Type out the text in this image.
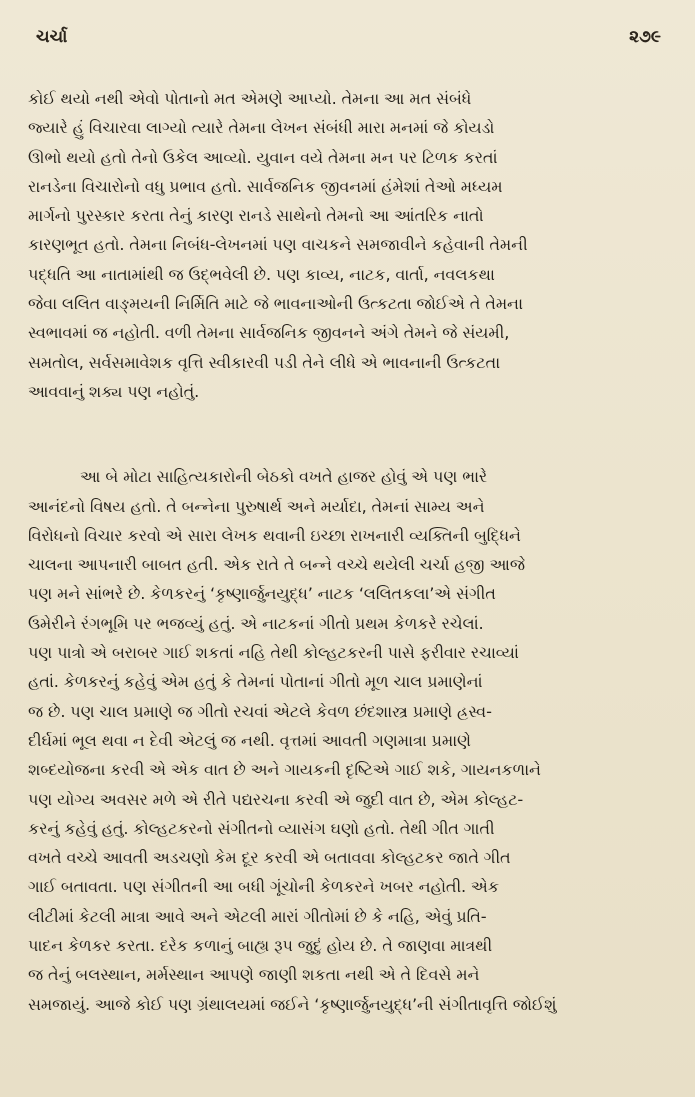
ચર્ચા	૨૭૯

કોઈ થયો નથી એવો પોતાનો મત એમણે આપ્યો. તેમના આ મત સંબંધે
જ્યારે હું વિચારવા લાગ્યો ત્યારે તેમના લેખન સંબંધી મારા મનમાં જે કોયડો
ઊભો થયો હતો તેનો ઉકેલ આવ્યો. યુવાન વયે તેમના મન પર ટિળક કરતાં
રાનડેના વિચારોનો વધુ પ્રભાવ હતો. સાર્વજનિક જીવનમાં હંમેશાં તેઓ મધ્યમ
માર્ગનો પુરસ્કાર કરતા તેનું કારણ રાનડે સાથેનો તેમનો આ આંતરિક નાતો
કારણભૂત હતો. તેમના નિબંધ-લેખનમાં પણ વાચકને સમજાવીને કહેવાની તેમની
પદ્ધતિ આ નાતામાંથી જ ઉદ્ભવેલી છે. પણ કાવ્ય, નાટક, વાર્તા, નવલકથા
જેવા લલિત વાઙ્મયની નિર્મિતિ માટે જે ભાવનાઓની ઉત્કટતા જોઈએ તે તેમના
સ્વભાવમાં જ નહોતી. વળી તેમના સાર્વજનિક જીવનને અંગે તેમને જે સંયમી,
સમતોલ, સર્વસમાવેશક વૃત્તિ સ્વીકારવી પડી તેને લીધે એ ભાવનાની ઉત્કટતા
આવવાનું શક્ય પણ નહોતું.

આ બે મોટા સાહિત્યકારોની બેઠકો વખતે હાજર હોવું એ પણ ભારે
આનંદનો વિષય હતો. તે બન્નેના પુરુષાર્થ અને મર્યાદા, તેમનાં સામ્ય અને
વિરોધનો વિચાર કરવો એ સારા લેખક થવાની ઇચ્છા રાખનારી વ્યક્તિની બુદ્ધિને
ચાલના આપનારી બાબત હતી. એક રાતે તે બન્ને વચ્ચે થયેલી ચર્ચા હજી આજે
પણ મને સાંભરે છે. કેળકરનું ‘કૃષ્ણાર્જુનયુદ્ધ’ નાટક ‘લલિતકલા’એ સંગીત
ઉમેરીને રંગભૂમિ પર ભજવ્યું હતું. એ નાટકનાં ગીતો પ્રથમ કેળકરે રચેલાં.
પણ પાત્રો એ બરાબર ગાઈ શકતાં નહિ તેથી કોલ્હટકરની પાસે ફરીવાર રચાવ્યાં
હતાં. કેળકરનું કહેવું એમ હતું કે તેમનાં પોતાનાં ગીતો મૂળ ચાલ પ્રમાણેનાં
જ છે. પણ ચાલ પ્રમાણે જ ગીતો રચવાં એટલે કેવળ છંદશાસ્ત્ર પ્રમાણે હ્રસ્વ-
દીર્ઘમાં ભૂલ થવા ન દેવી એટલું જ નથી. વૃત્તમાં આવતી ગણમાત્રા પ્રમાણે
શબ્દયોજના કરવી એ એક વાત છે અને ગાયકની દૃષ્ટિએ ગાઈ શકે, ગાયનકળાને
પણ યોગ્ય અવસર મળે એ રીતે પદ્યરચના કરવી એ જુદી વાત છે, એમ કોલ્હટ-
કરનું કહેવું હતું. કોલ્હટકરનો સંગીતનો વ્યાસંગ ઘણો હતો. તેથી ગીત ગાતી
વખતે વચ્ચે આવતી અડચણો કેમ દૂર કરવી એ બતાવવા કોલ્હટકર જાતે ગીત
ગાઈ બતાવતા. પણ સંગીતની આ બધી ગૂંચોની કેળકરને ખબર નહોતી. એક
લીટીમાં કેટલી માત્રા આવે અને એટલી મારાં ગીતોમાં છે કે નહિ, એવું પ્રતિ-
પાદન કેળકર કરતા. દરેક કળાનું બાહ્ય રૂપ જુદું હોય છે. તે જાણવા માત્રથી
જ તેનું બલસ્થાન, મર્મસ્થાન આપણે જાણી શકતા નથી એ તે દિવસે મને
સમજાયું. આજે કોઈ પણ ગ્રંથાલયમાં જઈને ‘કૃષ્ણાર્જુનયુદ્ધ’ની સંગીતાવૃત્તિ જોઈશું
